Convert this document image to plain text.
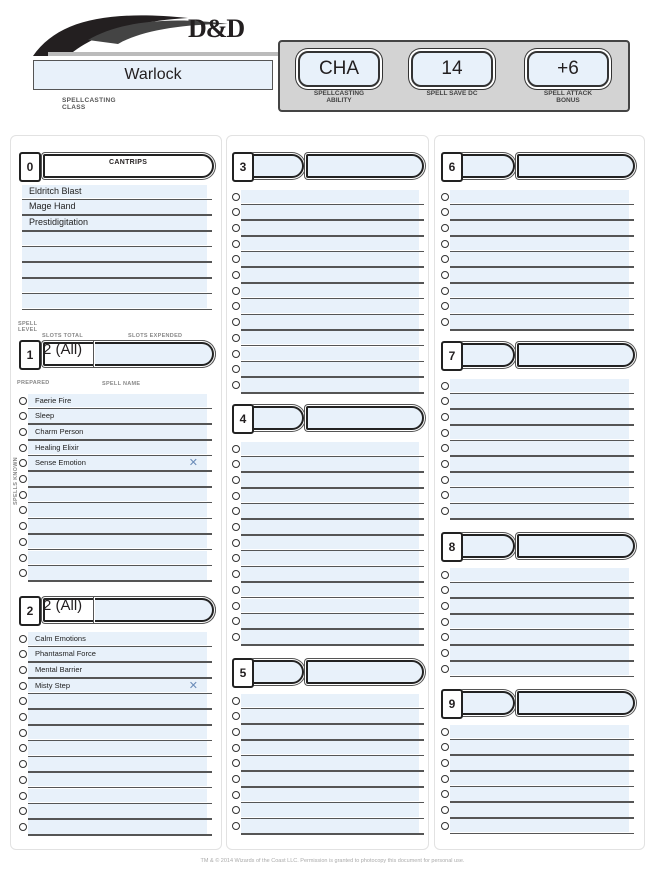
D&D
Warlock
SPELLCASTING
CLASS
CHA
SPELLCASTING
ABILITY
14
SPELL SAVE DC
+6
SPELL ATTACK
BONUS
SPELL
LEVEL
SLOTS TOTAL	SLOTS EXPENDED
PREPARED	SPELL NAME
SPELLS KNOWN
0	CANTRIPS
1 2 (All)
2 2 (All)
3
4
5
6
7
8
9
Eldritch Blast
Mage Hand
Prestidigitation
Faerie Fire
Sleep
Charm Person
Healing Elixir
Sense Emotion	✕
Calm Emotions
Phantasmal Force
Mental Barrier
Misty Step	✕
TM & © 2014 Wizards of the Coast LLC. Permission is granted to photocopy this document for personal use.
